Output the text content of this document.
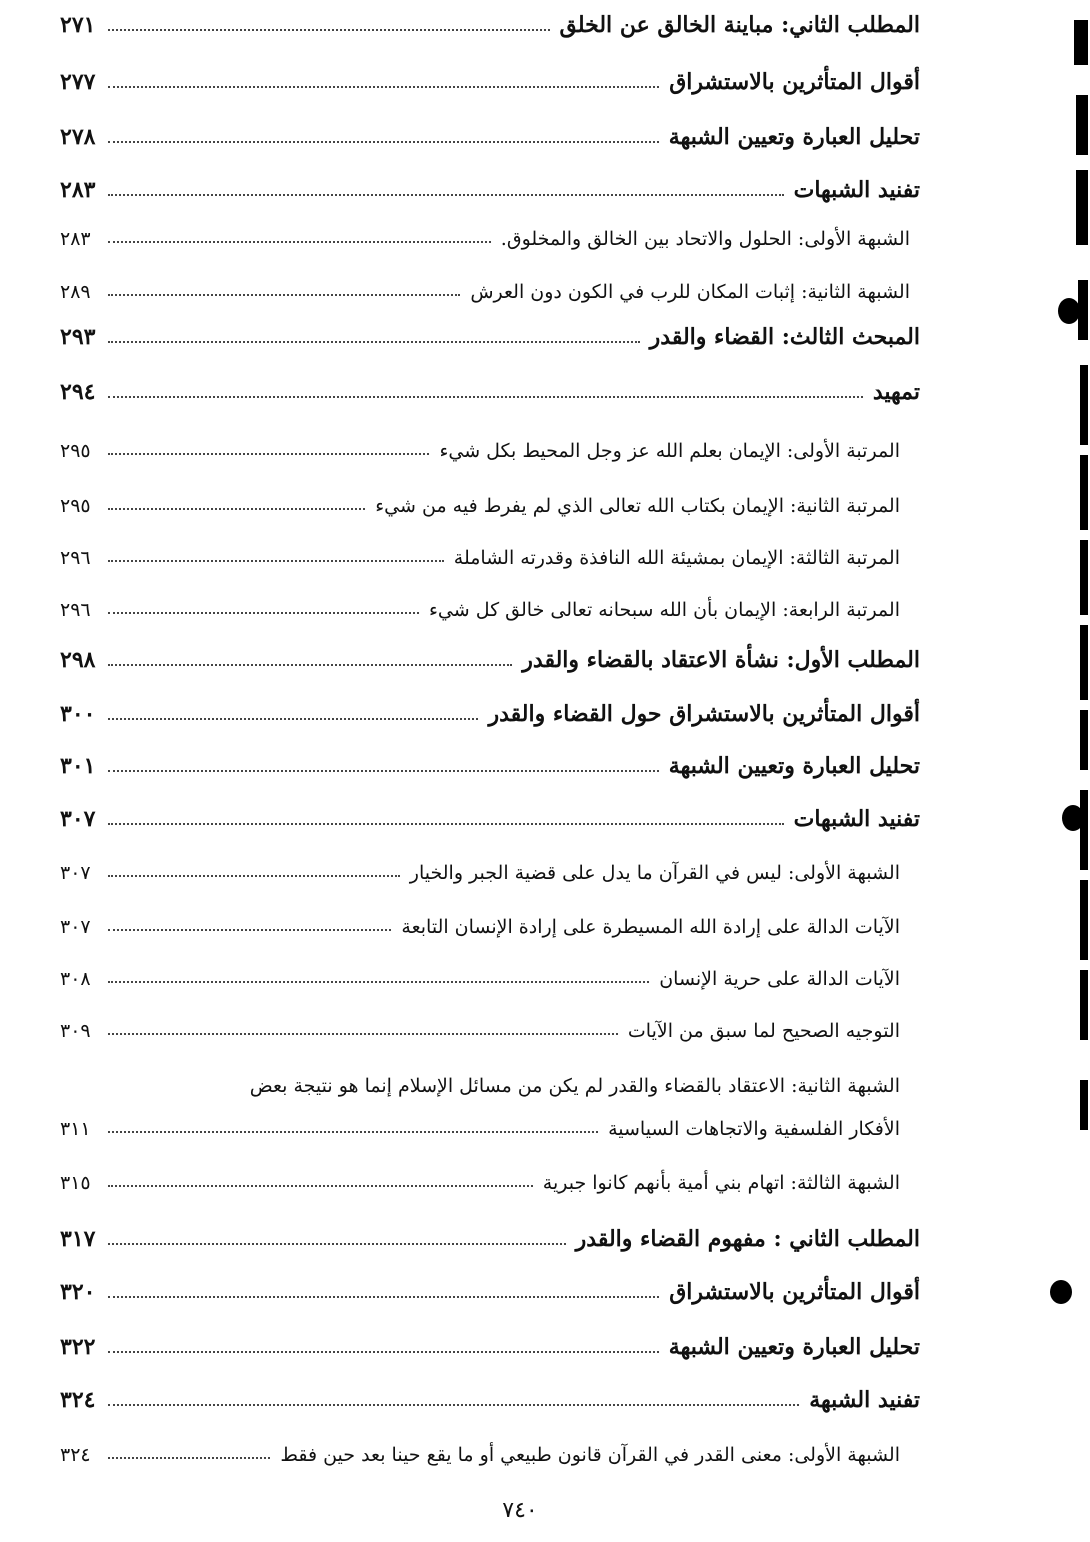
المطلب الثاني: مباينة الخالق عن الخلق
٢٧١
أقوال المتأثرين بالاستشراق
٢٧٧
تحليل العبارة وتعيين الشبهة
٢٧٨
تفنيد الشبهات
٢٨٣
الشبهة الأولى: الحلول والاتحاد بين الخالق والمخلوق.
٢٨٣
الشبهة الثانية: إثبات المكان للرب في الكون دون العرش
٢٨٩
المبحث الثالث: القضاء والقدر
٢٩٣
تمهيد
٢٩٤
المرتبة الأولى: الإيمان بعلم الله عز وجل المحيط بكل شيء
٢٩٥
المرتبة الثانية: الإيمان بكتاب الله تعالى الذي لم يفرط فيه من شيء
٢٩٥
المرتبة الثالثة: الإيمان بمشيئة الله النافذة وقدرته الشاملة
٢٩٦
المرتبة الرابعة: الإيمان بأن الله سبحانه تعالى خالق كل شيء
٢٩٦
المطلب الأول: نشأة الاعتقاد بالقضاء والقدر
٢٩٨
أقوال المتأثرين بالاستشراق حول القضاء والقدر
٣٠٠
تحليل العبارة وتعيين الشبهة
٣٠١
تفنيد الشبهات
٣٠٧
الشبهة الأولى: ليس في القرآن ما يدل على قضية الجبر والخيار
٣٠٧
الآيات الدالة على إرادة الله المسيطرة على إرادة الإنسان التابعة
٣٠٧
الآيات الدالة على حرية الإنسان
٣٠٨
التوجيه الصحيح لما سبق من الآيات
٣٠٩
الشبهة الثانية: الاعتقاد بالقضاء والقدر لم يكن من مسائل الإسلام إنما هو نتيجة بعض
الأفكار الفلسفية والاتجاهات السياسية
٣١١
الشبهة الثالثة: اتهام بني أمية بأنهم كانوا جبرية
٣١٥
المطلب الثاني : مفهوم القضاء والقدر
٣١٧
أقوال المتأثرين بالاستشراق
٣٢٠
تحليل العبارة وتعيين الشبهة
٣٢٢
تفنيد الشبهة
٣٢٤
الشبهة الأولى: معنى القدر في القرآن قانون طبيعي أو ما يقع حينا بعد حين فقط
٣٢٤
٧٤٠
